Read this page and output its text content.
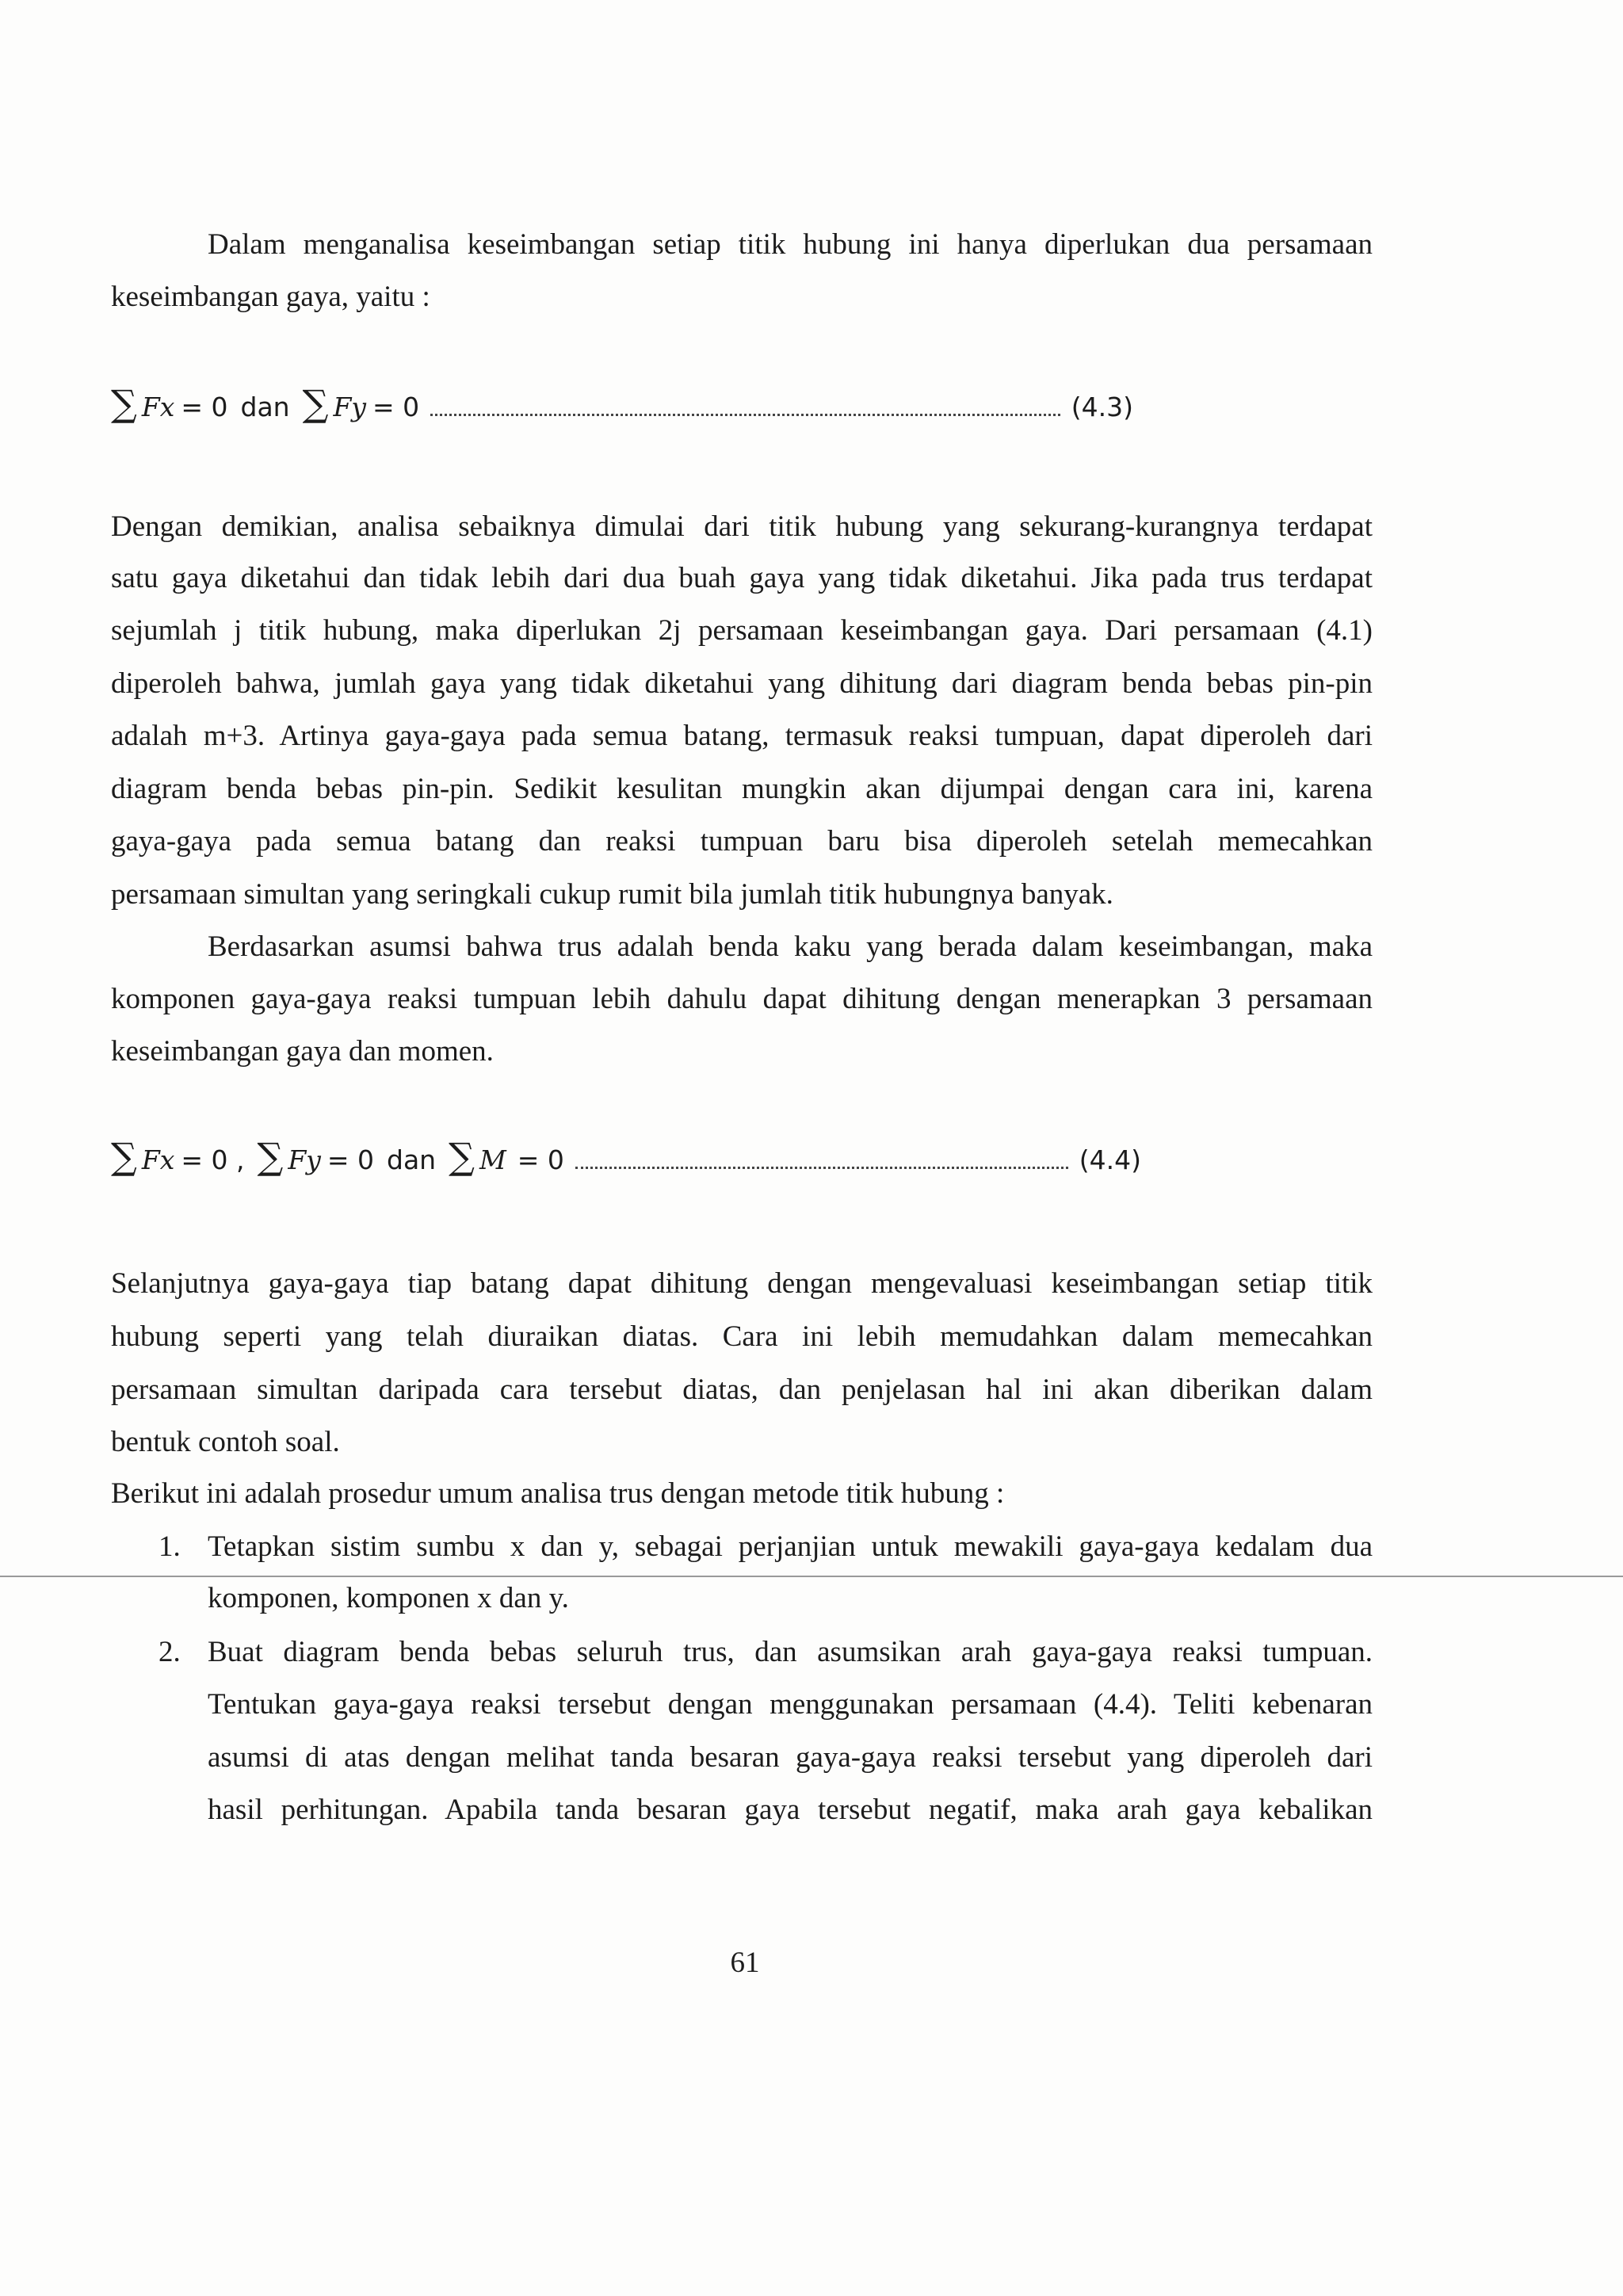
Dalam menganalisa keseimbangan setiap titik hubung ini hanya diperlukan dua persamaan
keseimbangan gaya, yaitu :
∑ Fx = 0 dan ∑ Fy = 0	(4.3)
Dengan demikian, analisa sebaiknya dimulai dari titik hubung yang sekurang-kurangnya terdapat
satu gaya diketahui dan tidak lebih dari dua buah gaya yang tidak diketahui. Jika pada trus terdapat
sejumlah j titik hubung, maka diperlukan 2j persamaan keseimbangan gaya. Dari persamaan (4.1)
diperoleh bahwa, jumlah gaya yang tidak diketahui yang dihitung dari diagram benda bebas pin-pin
adalah m+3. Artinya gaya-gaya pada semua batang, termasuk reaksi tumpuan, dapat diperoleh dari
diagram benda bebas pin-pin. Sedikit kesulitan mungkin akan dijumpai dengan cara ini, karena
gaya-gaya pada semua batang dan reaksi tumpuan baru bisa diperoleh setelah memecahkan
persamaan simultan yang seringkali cukup rumit bila jumlah titik hubungnya banyak.
Berdasarkan asumsi bahwa trus adalah benda kaku yang berada dalam keseimbangan, maka
komponen gaya-gaya reaksi tumpuan lebih dahulu dapat dihitung dengan menerapkan 3 persamaan
keseimbangan gaya dan momen.
∑ Fx = 0 , ∑ Fy = 0 dan ∑ M = 0	(4.4)
Selanjutnya gaya-gaya tiap batang dapat dihitung dengan mengevaluasi keseimbangan setiap titik
hubung seperti yang telah diuraikan diatas. Cara ini lebih memudahkan dalam memecahkan
persamaan simultan daripada cara tersebut diatas, dan penjelasan hal ini akan diberikan dalam
bentuk contoh soal.
Berikut ini adalah prosedur umum analisa trus dengan metode titik hubung :
1. Tetapkan sistim sumbu x dan y, sebagai perjanjian untuk mewakili gaya-gaya kedalam dua
komponen, komponen x dan y.
2. Buat diagram benda bebas seluruh trus, dan asumsikan arah gaya-gaya reaksi tumpuan.
Tentukan gaya-gaya reaksi tersebut dengan menggunakan persamaan (4.4). Teliti kebenaran
asumsi di atas dengan melihat tanda besaran gaya-gaya reaksi tersebut yang diperoleh dari
hasil perhitungan. Apabila tanda besaran gaya tersebut negatif, maka arah gaya kebalikan
61
